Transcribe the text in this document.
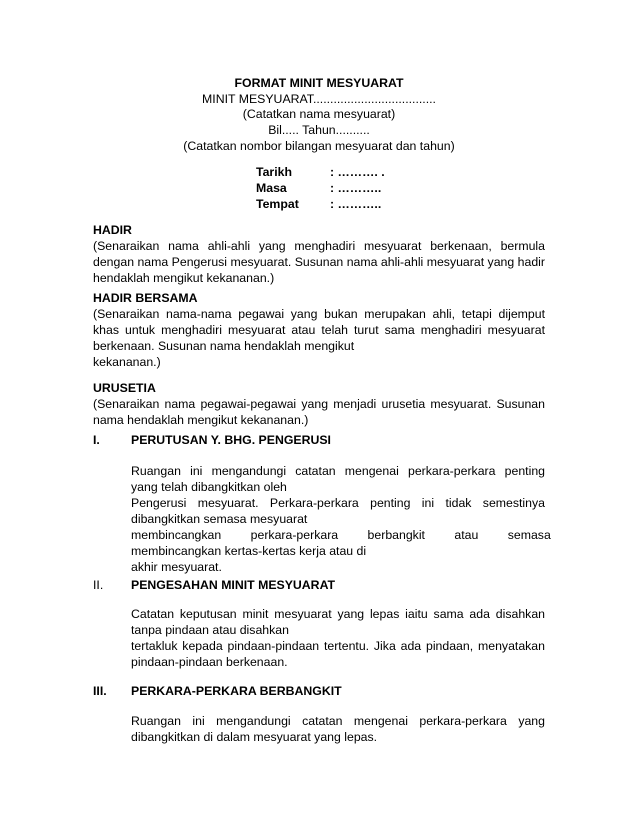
FORMAT MINIT MESYUARAT
MINIT MESYUARAT....................................
(Catatkan nama mesyuarat)
Bil..... Tahun..........
(Catatkan nombor bilangan mesyuarat dan tahun)
Tarikh	: ………. .
Masa	: ………..
Tempat	: ………..
HADIR
(Senaraikan nama ahli-ahli yang menghadiri mesyuarat berkenaan, bermula dengan nama Pengerusi mesyuarat. Susunan nama ahli-ahli mesyuarat yang hadir hendaklah mengikut kekananan.)
HADIR BERSAMA
(Senaraikan nama-nama pegawai yang bukan merupakan ahli, tetapi dijemput khas untuk menghadiri mesyuarat atau telah turut sama menghadiri mesyuarat berkenaan. Susunan nama hendaklah mengikut
kekananan.)
URUSETIA
(Senaraikan nama pegawai-pegawai yang menjadi urusetia mesyuarat. Susunan nama hendaklah mengikut kekananan.)
I.	PERUTUSAN Y. BHG. PENGERUSI
Ruangan ini mengandungi catatan mengenai perkara-perkara penting
yang telah dibangkitkan oleh
Pengerusi mesyuarat. Perkara-perkara penting ini tidak semestinya
dibangkitkan semasa mesyuarat
membincangkan perkara-perkara berbangkit atau semasa
membincangkan kertas-kertas kerja atau di
akhir mesyuarat.
II. PENGESAHAN MINIT MESYUARAT
Catatan keputusan minit mesyuarat yang lepas iaitu sama ada disahkan
tanpa pindaan atau disahkan
tertakluk kepada pindaan-pindaan tertentu. Jika ada pindaan, menyatakan
pindaan-pindaan berkenaan.
III. PERKARA-PERKARA BERBANGKIT
Ruangan ini mengandungi catatan mengenai perkara-perkara yang
dibangkitkan di dalam mesyuarat yang lepas.
